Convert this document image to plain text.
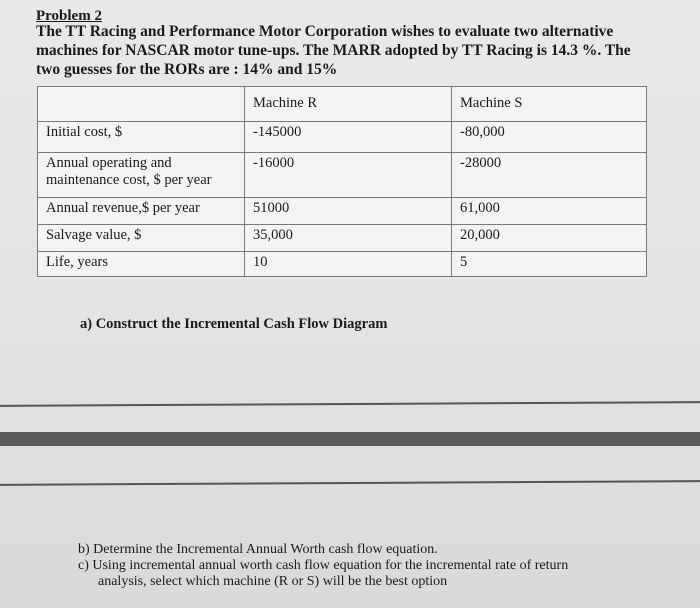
Problem 2
The TT Racing and Performance Motor Corporation wishes to evaluate two alternative machines for NASCAR motor tune-ups. The MARR adopted by TT Racing is 14.3 %. The two guesses for the RORs are : 14% and 15%
	Machine R	Machine S
Initial cost, $	-145000	-80,000
Annual operating and maintenance cost, $ per year	-16000	-28000
Annual revenue,$ per year	51000	61,000
Salvage value, $	35,000	20,000
Life, years	10	5
a) Construct the Incremental Cash Flow Diagram
b) Determine the Incremental Annual Worth cash flow equation.
c) Using incremental annual worth cash flow equation for the incremental rate of return
analysis, select which machine (R or S) will be the best option
